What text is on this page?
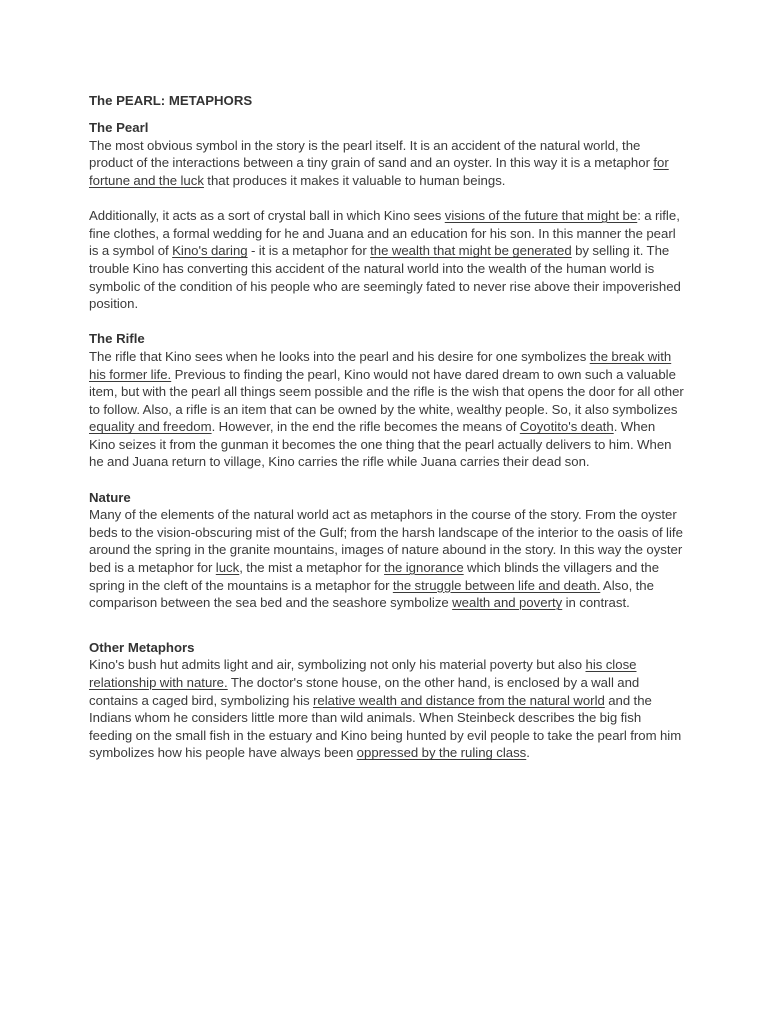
The PEARL: METAPHORS
The Pearl

The most obvious symbol in the story is the pearl itself. It is an accident of the natural world, the product of the interactions between a tiny grain of sand and an oyster. In this way it is a metaphor for fortune and the luck that produces it makes it valuable to human beings.

Additionally, it acts as a sort of crystal ball in which Kino sees visions of the future that might be: a rifle, fine clothes, a formal wedding for he and Juana and an education for his son. In this manner the pearl is a symbol of Kino's daring - it is a metaphor for the wealth that might be generated by selling it. The trouble Kino has converting this accident of the natural world into the wealth of the human world is symbolic of the condition of his people who are seemingly fated to never rise above their impoverished position.

The Rifle

The rifle that Kino sees when he looks into the pearl and his desire for one symbolizes the break with his former life. Previous to finding the pearl, Kino would not have dared dream to own such a valuable item, but with the pearl all things seem possible and the rifle is the wish that opens the door for all other to follow. Also, a rifle is an item that can be owned by the white, wealthy people. So, it also symbolizes equality and freedom. However, in the end the rifle becomes the means of Coyotito's death. When Kino seizes it from the gunman it becomes the one thing that the pearl actually delivers to him. When he and Juana return to village, Kino carries the rifle while Juana carries their dead son.

Nature

Many of the elements of the natural world act as metaphors in the course of the story. From the oyster beds to the vision-obscuring mist of the Gulf; from the harsh landscape of the interior to the oasis of life around the spring in the granite mountains, images of nature abound in the story. In this way the oyster bed is a metaphor for luck, the mist a metaphor for the ignorance which blinds the villagers and the spring in the cleft of the mountains is a metaphor for the struggle between life and death. Also, the comparison between the sea bed and the seashore symbolize wealth and poverty in contrast.

Other Metaphors

Kino's bush hut admits light and air, symbolizing not only his material poverty but also his close relationship with nature. The doctor's stone house, on the other hand, is enclosed by a wall and contains a caged bird, symbolizing his relative wealth and distance from the natural world and the Indians whom he considers little more than wild animals. When Steinbeck describes the big fish feeding on the small fish in the estuary and Kino being hunted by evil people to take the pearl from him symbolizes how his people have always been oppressed by the ruling class.
